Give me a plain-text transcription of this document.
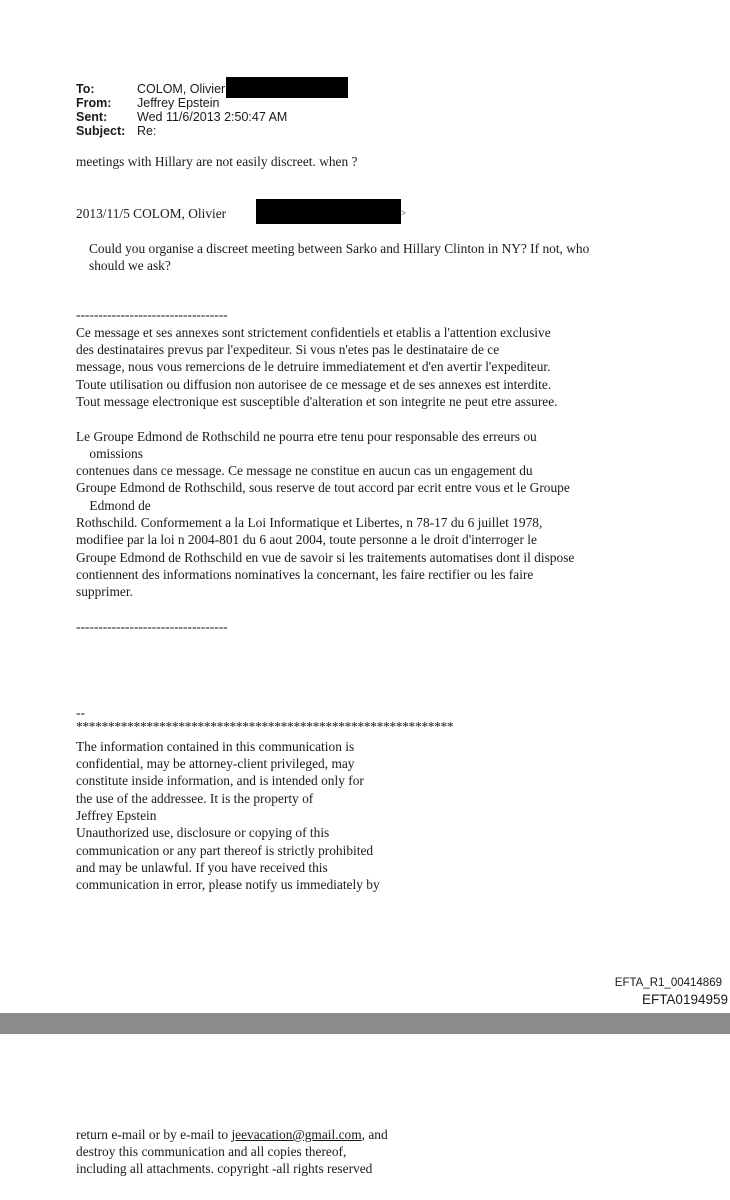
To:	COLOM, Olivier
From: Jeffrey Epstein
Sent: Wed 11/6/2013 2:50:47 AM
Subject: Re:
meetings with Hillary are not easily discreet. when ?
2013/11/5 COLOM, Olivier	>
Could you organise a discreet meeting between Sarko and Hillary Clinton in NY? If not, who
should we ask?
----------------------------------
Ce message et ses annexes sont strictement confidentiels et etablis a l'attention exclusive
des destinataires prevus par l'expediteur. Si vous n'etes pas le destinataire de ce
message, nous vous remercions de le detruire immediatement et d'en avertir l'expediteur.
Toute utilisation ou diffusion non autorisee de ce message et de ses annexes est interdite.
Tout message electronique est susceptible d'alteration et son integrite ne peut etre assuree.
Le Groupe Edmond de Rothschild ne pourra etre tenu pour responsable des erreurs ou
omissions
contenues dans ce message. Ce message ne constitue en aucun cas un engagement du
Groupe Edmond de Rothschild, sous reserve de tout accord par ecrit entre vous et le Groupe
Edmond de
Rothschild. Conformement a la Loi Informatique et Libertes, n 78-17 du 6 juillet 1978,
modifiee par la loi n 2004-801 du 6 aout 2004, toute personne a le droit d'interroger le
Groupe Edmond de Rothschild en vue de savoir si les traitements automatises dont il dispose
contiennent des informations nominatives la concernant, les faire rectifier ou les faire
supprimer.
----------------------------------
--
***********************************************************
The information contained in this communication is
confidential, may be attorney-client privileged, may
constitute inside information, and is intended only for
the use of the addressee. It is the property of
Jeffrey Epstein
Unauthorized use, disclosure or copying of this
communication or any part thereof is strictly prohibited
and may be unlawful. If you have received this
communication in error, please notify us immediately by
EFTA_R1_00414869
EFTA0194959
return e-mail or by e-mail to jeevacation@gmail.com, and
destroy this communication and all copies thereof,
including all attachments. copyright -all rights reserved
